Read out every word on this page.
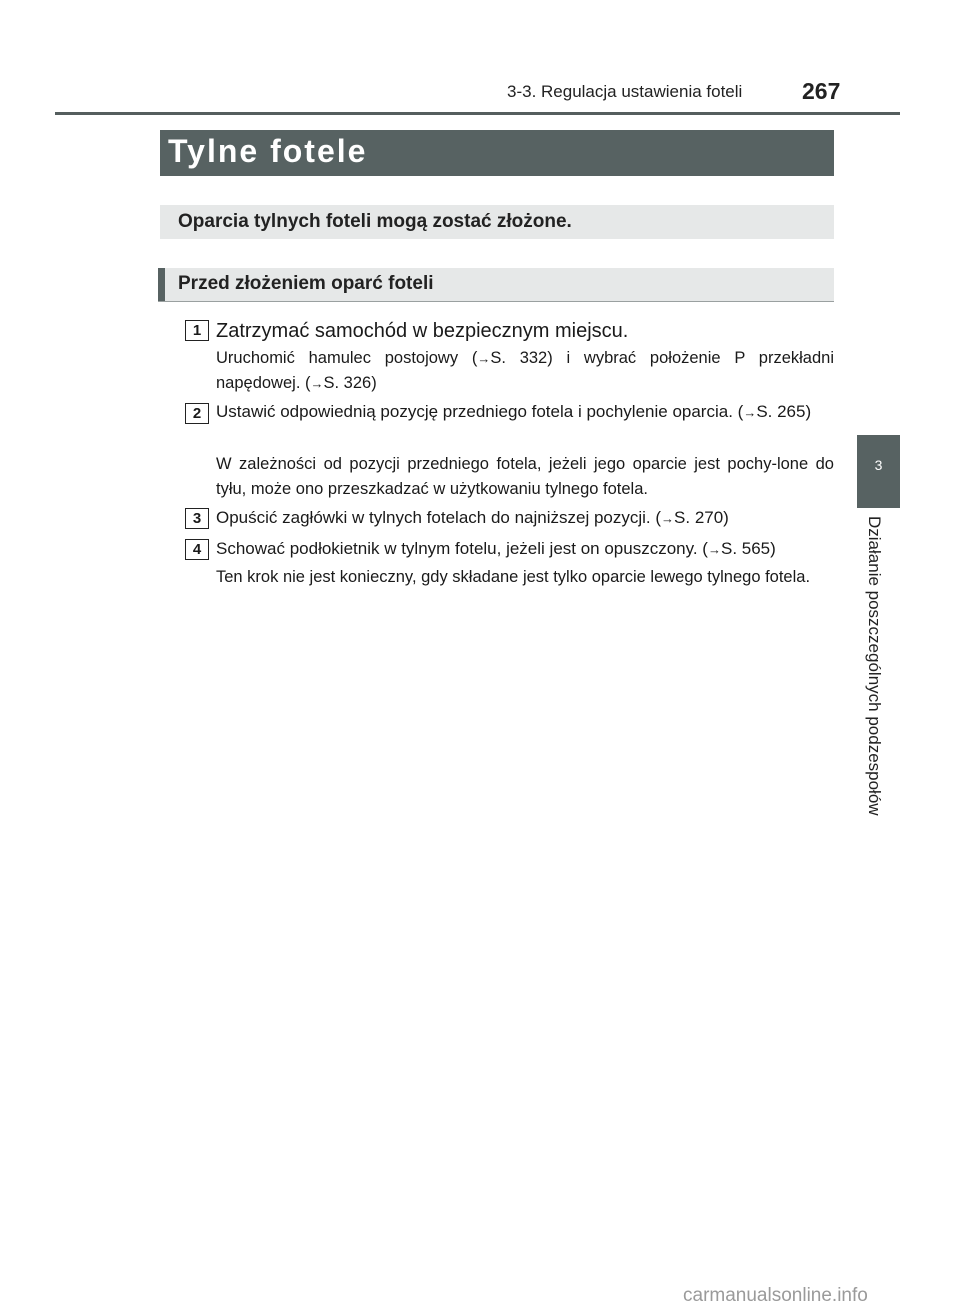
3-3. Regulacja ustawienia foteli	267
Tylne fotele
Oparcia tylnych foteli mogą zostać złożone.
Przed złożeniem oparć foteli
1 Zatrzymać samochód w bezpiecznym miejscu.
Uruchomić hamulec postojowy (→S. 332) i wybrać położenie P przekładni napędowej. (→S. 326)
2 Ustawić odpowiednią pozycję przedniego fotela i pochylenie oparcia. (→S. 265)
W zależności od pozycji przedniego fotela, jeżeli jego oparcie jest pochy-lone do tyłu, może ono przeszkadzać w użytkowaniu tylnego fotela.
3 Opuścić zagłówki w tylnych fotelach do najniższej pozycji. (→S. 270)
4 Schować podłokietnik w tylnym fotelu, jeżeli jest on opuszczony. (→S. 565)
Ten krok nie jest konieczny, gdy składane jest tylko oparcie lewego tylnego fotela.
3
Działanie poszczególnych podzespołów
carmanualsonline.info
